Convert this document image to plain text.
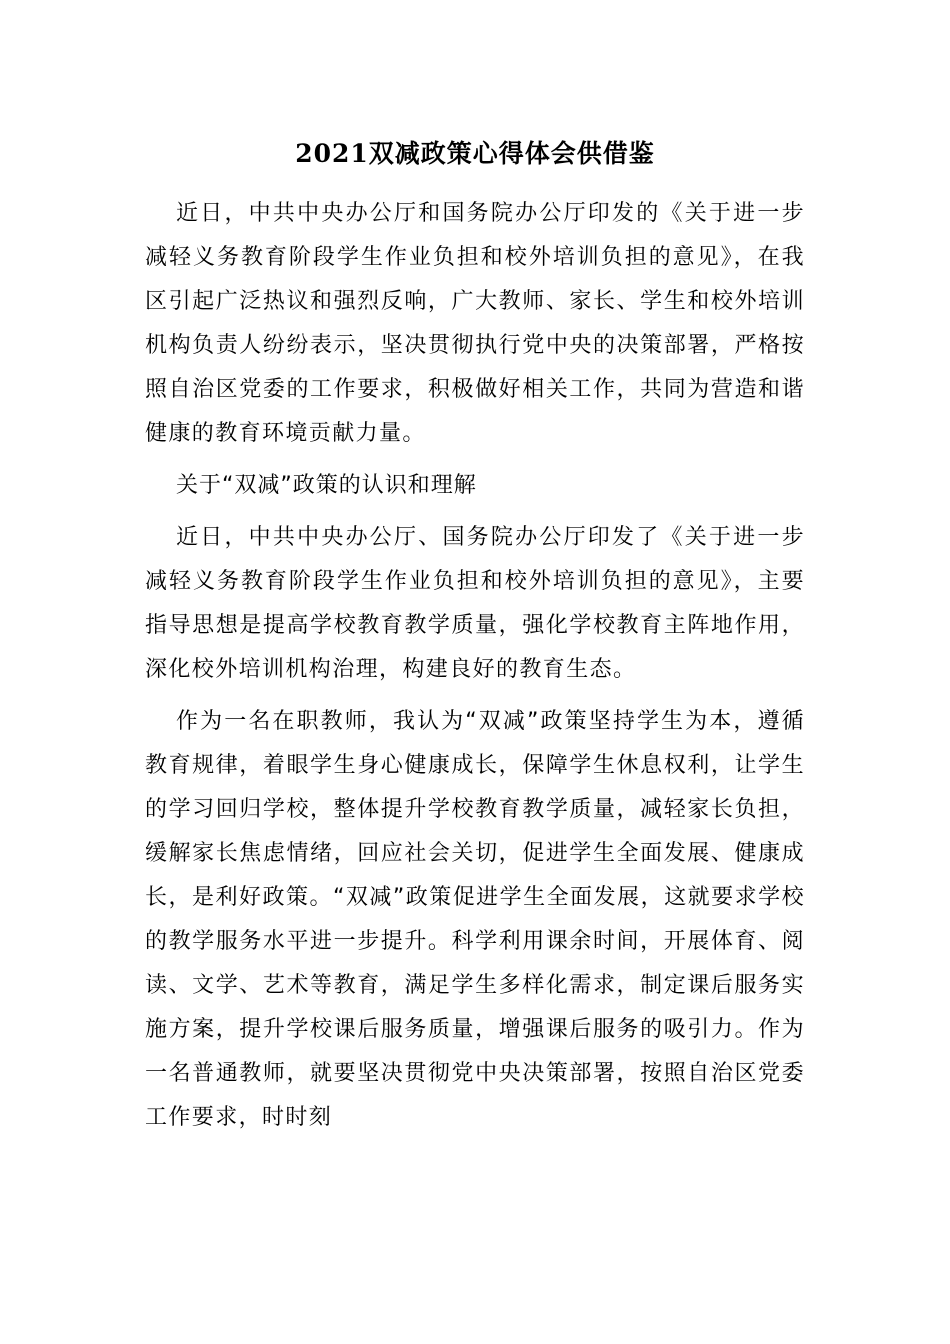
2021双减政策心得体会供借鉴

近日，中共中央办公厅和国务院办公厅印发的《关于进一步减轻义务教育阶段学生作业负担和校外培训负担的意见》，在我区引起广泛热议和强烈反响，广大教师、家长、学生和校外培训机构负责人纷纷表示，坚决贯彻执行党中央的决策部署，严格按照自治区党委的工作要求，积极做好相关工作，共同为营造和谐健康的教育环境贡献力量。

关于“双减”政策的认识和理解

近日，中共中央办公厅、国务院办公厅印发了《关于进一步减轻义务教育阶段学生作业负担和校外培训负担的意见》，主要指导思想是提高学校教育教学质量，强化学校教育主阵地作用，深化校外培训机构治理，构建良好的教育生态。

作为一名在职教师，我认为“双减”政策坚持学生为本，遵循教育规律，着眼学生身心健康成长，保障学生休息权利，让学生的学习回归学校，整体提升学校教育教学质量，减轻家长负担，缓解家长焦虑情绪，回应社会关切，促进学生全面发展、健康成长，是利好政策。“双减”政策促进学生全面发展，这就要求学校的教学服务水平进一步提升。科学利用课余时间，开展体育、阅读、文学、艺术等教育，满足学生多样化需求，制定课后服务实施方案，提升学校课后服务质量，增强课后服务的吸引力。作为一名普通教师，就要坚决贯彻党中央决策部署，按照自治区党委工作要求，时时刻
